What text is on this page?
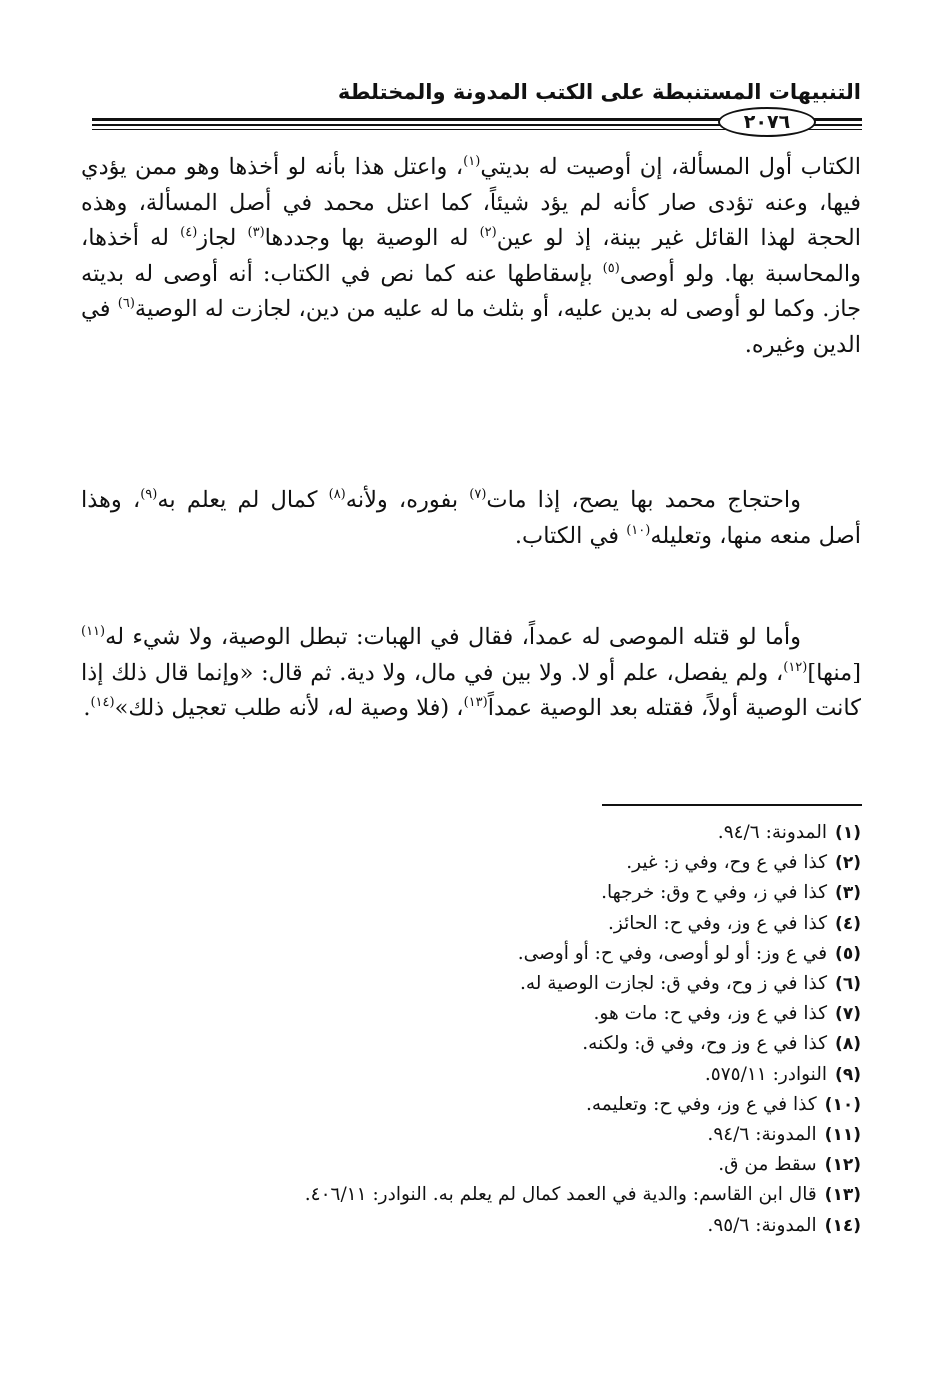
التنبيهات المستنبطة على الكتب المدونة والمختلطة
٢٠٧٦
الكتاب أول المسألة، إن أوصيت له بديتي$^{(١)}$، واعتل هذا بأنه لو أخذها وهو ممن يؤدي فيها، وعنه تؤدى صار كأنه لم يؤد شيئاً، كما اعتل محمد في أصل المسألة، وهذه الحجة لهذا القائل غير بينة، إذ لو عين$^{(٢)}$ له الوصية بها وجددها$^{(٣)}$ لجاز$^{(٤)}$ له أخذها، والمحاسبة بها. ولو أوصى$^{(٥)}$ بإسقاطها عنه كما نص في الكتاب: أنه أوصى له بديته جاز. وكما لو أوصى له بدين عليه، أو بثلث ما له عليه من دين، لجازت له الوصية$^{(٦)}$ في الدين وغيره.
واحتجاج محمد بها يصح، إذا مات$^{(٧)}$ بفوره، ولأنه$^{(٨)}$ كمال لم يعلم به$^{(٩)}$، وهذا أصل منعه منها، وتعليله$^{(١٠)}$ في الكتاب.
وأما لو قتله الموصى له عمداً، فقال في الهبات: تبطل الوصية، ولا شيء له$^{(١١)}$ [منها]$^{(١٢)}$، ولم يفصل، علم أو لا. ولا بين في مال، ولا دية. ثم قال: «وإنما قال ذلك إذا كانت الوصية أولاً، فقتله بعد الوصية عمداً$^{(١٣)}$، (فلا وصية له، لأنه طلب تعجيل ذلك»$^{(١٤)}$.
(١)المدونة: ٩٤/٦.
(٢)كذا في ع وح، وفي ز: غير.
(٣)كذا في ز، وفي ح وق: خرجها.
(٤)كذا في ع وز، وفي ح: الحائز.
(٥)في ع وز: أو لو أوصى، وفي ح: أو أوصى.
(٦)كذا في ز وح، وفي ق: لجازت الوصية له.
(٧)كذا في ع وز، وفي ح: مات هو.
(٨)كذا في ع وز وح، وفي ق: ولكنه.
(٩)النوادر: ٥٧٥/١١.
(١٠)كذا في ع وز، وفي ح: وتعليمه.
(١١)المدونة: ٩٤/٦.
(١٢)سقط من ق.
(١٣)قال ابن القاسم: والدية في العمد كمال لم يعلم به. النوادر: ٤٠٦/١١.
(١٤)المدونة: ٩٥/٦.
